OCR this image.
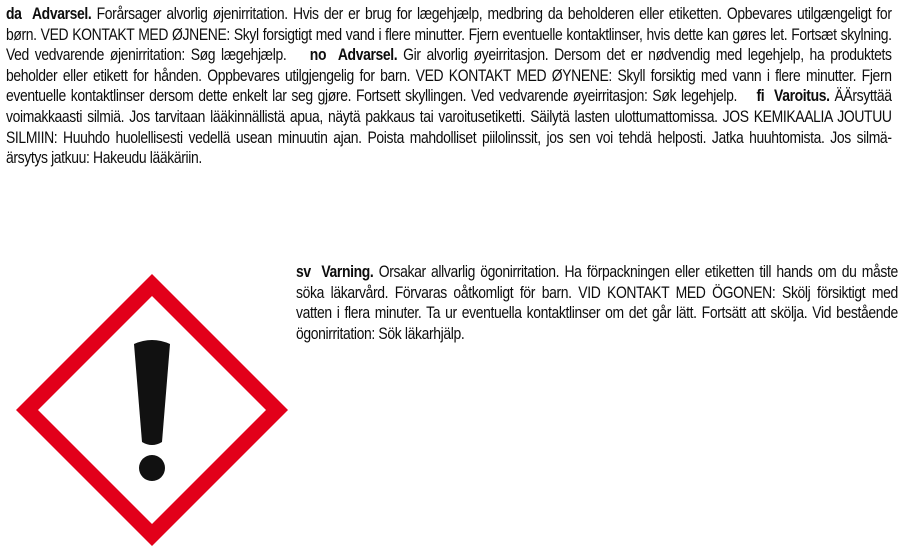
da Advarsel. Forårsager alvorlig øjenirritation. Hvis der er brug for lægehjælp, medbring da beholderen eller etiketten. Opbevares utilgængeligt for børn. VED KONTAKT MED ØJNENE: Skyl forsigtigt med vand i flere minutter. Fjern eventuelle kontaktlinser, hvis dette kan gøres let. Fortsæt skylning. Ved vedvarende øjenirritation: Søg lægehjælp. no Advarsel. Gir alvorlig øyeirritasjon. Dersom det er nødvendig med legehjelp, ha produktets beholder eller etikett for hånden. Oppbevares utilgjengelig for barn. VED KONTAKT MED ØYNENE: Skyll forsiktig med vann i flere minutter. Fjern eventuelle kontaktlinser dersom dette enkelt lar seg gjøre. Fortsett skyllingen. Ved vedvarende øyeirritasjon: Søk legehjelp. fi Varoitus. ÄÄrsyttää voimakkaasti silmiä. Jos tarvitaan lääkinnällistä apua, näytä pakkaus tai varoitusetiketti. Säilytä lasten ulottumattomissa. JOS KEMIKAALIA JOUTUU SILMIIN: Huuhdo huolellisesti vedellä usean minuutin ajan. Poista mahdolliset piilolinssit, jos sen voi tehdä helposti. Jatka huuhtomista. Jos silmä-ärsytys jatkuu: Hakeudu lääkäriin.
sv Varning. Orsakar allvarlig ögonirritation. Ha förpackningen eller etiketten till hands om du måste söka läkarvård. Förvaras oåtkomligt för barn. VID KONTAKT MED ÖGONEN: Skölj försiktigt med vatten i flera minuter. Ta ur eventuella kontaktlinser om det går lätt. Fortsätt att skölja. Vid bestående ögonirritation: Sök läkarhjälp.
